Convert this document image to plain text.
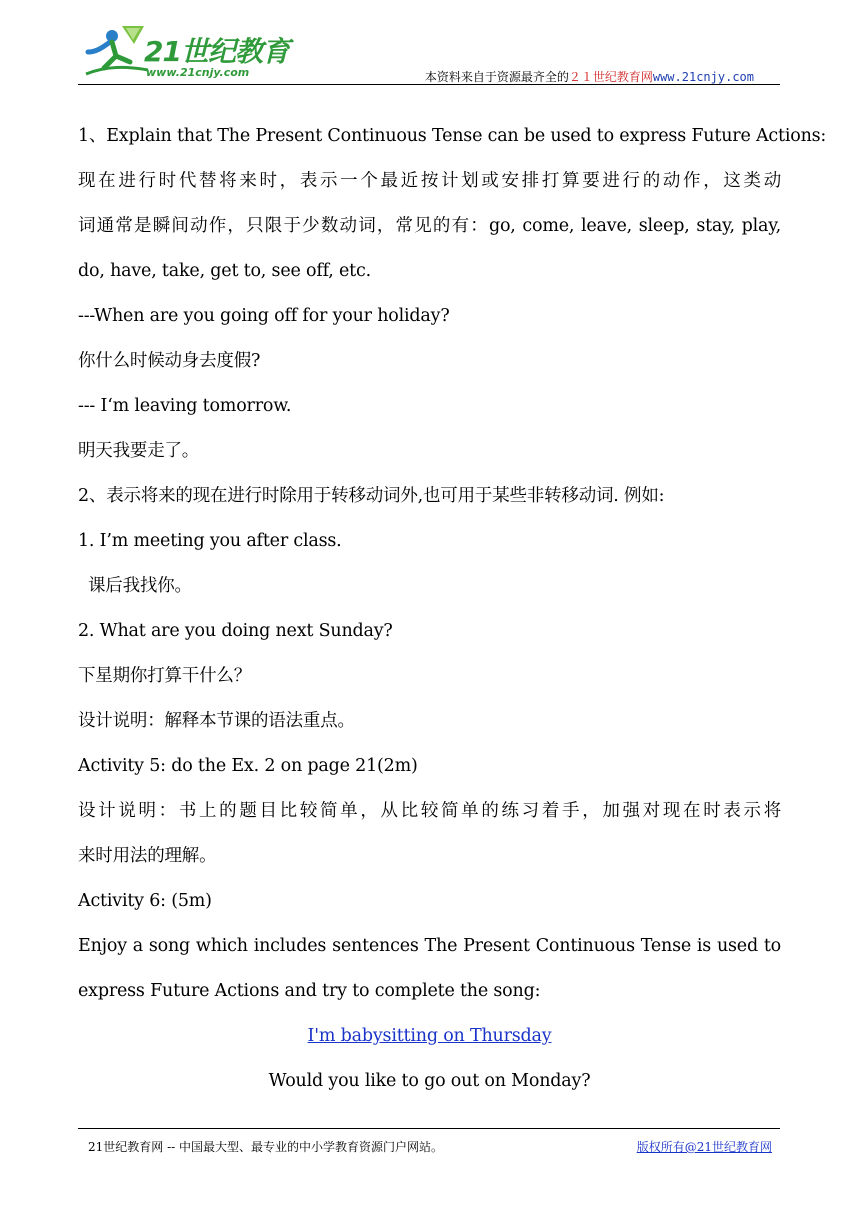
21世纪教育
www.21cnjy.com	本资料来自于资源最齐全的２１世纪教育网www.21cnjy.com
1、Explain that The Present Continuous Tense can be used to express Future Actions:
现在进行时代替将来时，表示一个最近按计划或安排打算要进行的动作，这类动
词通常是瞬间动作，只限于少数动词，常见的有：go, come, leave, sleep, stay, play,
do, have, take, get to, see off, etc.
---When are you going off for your holiday?
你什么时候动身去度假?
--- I‘m leaving tomorrow.
明天我要走了。
2、表示将来的现在进行时除用于转移动词外,也可用于某些非转移动词. 例如:
1. I’m meeting you after class.
课后我找你。
2. What are you doing next Sunday?
下星期你打算干什么？
设计说明：解释本节课的语法重点。
Activity 5: do the Ex. 2 on page 21(2m)
设计说明：书上的题目比较简单，从比较简单的练习着手，加强对现在时表示将
来时用法的理解。
Activity 6: (5m)
Enjoy a song which includes sentences The Present Continuous Tense is used to
express Future Actions and try to complete the song:
I'm babysitting on Thursday
Would you like to go out on Monday?
21世纪教育网 -- 中国最大型、最专业的中小学教育资源门户网站。	版权所有@21世纪教育网
